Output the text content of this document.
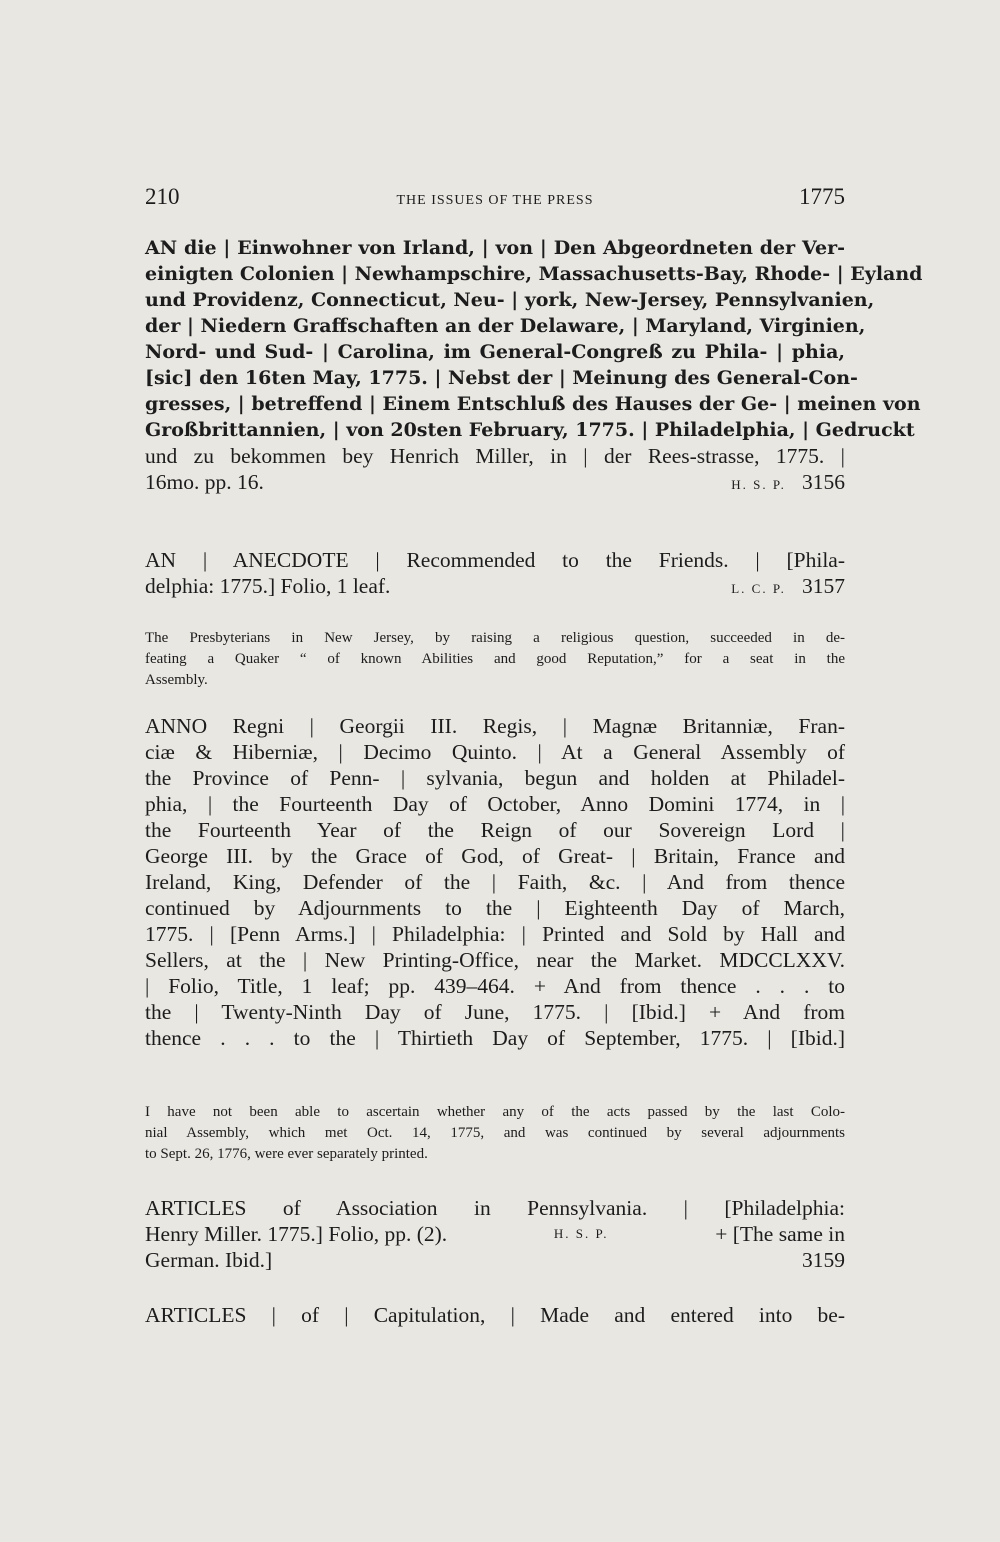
210	THE ISSUES OF THE PRESS	1775
AN die | Einwohner von Irland, | von | Den Abgeordneten der Ver-
einigten Colonien | Newhampschire, Massachusetts-Bay, Rhode- | Eyland
und Providenz, Connecticut, Neu- | york, New-Jersey, Pennsylvanien,
der | Niedern Graffschaften an der Delaware, | Maryland, Virginien,
Nord- und Sud- | Carolina, im General-Congreß zu Phila- | phia,
[sic] den 16ten May, 1775. | Nebst der | Meinung des General-Con-
gresses, | betreffend | Einem Entschluß des Hauses der Ge- | meinen von
Großbrittannien, | von 20sten February, 1775. | Philadelphia, | Gedruckt
und zu bekommen bey Henrich Miller, in | der Rees-strasse, 1775. |
16mo. pp. 16.	H. S. P. 3156
AN | ANECDOTE | Recommended to the Friends. | [Phila-
delphia: 1775.] Folio, 1 leaf.	L. C. P. 3157
The Presbyterians in New Jersey, by raising a religious question, succeeded in de-
feating a Quaker “ of known Abilities and good Reputation,” for a seat in the
Assembly.
ANNO Regni | Georgii III. Regis, | Magnæ Britanniæ, Fran-
ciæ & Hiberniæ, | Decimo Quinto. | At a General Assembly of
the Province of Penn- | sylvania, begun and holden at Philadel-
phia, | the Fourteenth Day of October, Anno Domini 1774, in |
the Fourteenth Year of the Reign of our Sovereign Lord |
George III. by the Grace of God, of Great- | Britain, France and
Ireland, King, Defender of the | Faith, &c. | And from thence
continued by Adjournments to the | Eighteenth Day of March,
1775. | [Penn Arms.] | Philadelphia: | Printed and Sold by Hall and
Sellers, at the | New Printing-Office, near the Market. MDCCLXXV.
| Folio, Title, 1 leaf; pp. 439–464. + And from thence . . . to
the | Twenty-Ninth Day of June, 1775. | [Ibid.] + And from
thence . . . to the | Thirtieth Day of September, 1775. | [Ibid.]
I have not been able to ascertain whether any of the acts passed by the last Colo-
nial Assembly, which met Oct. 14, 1775, and was continued by several adjournments
to Sept. 26, 1776, were ever separately printed.
ARTICLES of Association in Pennsylvania. | [Philadelphia:
Henry Miller. 1775.] Folio, pp. (2).	H. S. P.	+ [The same in
German. Ibid.]	3159
ARTICLES | of | Capitulation, | Made and entered into be-
